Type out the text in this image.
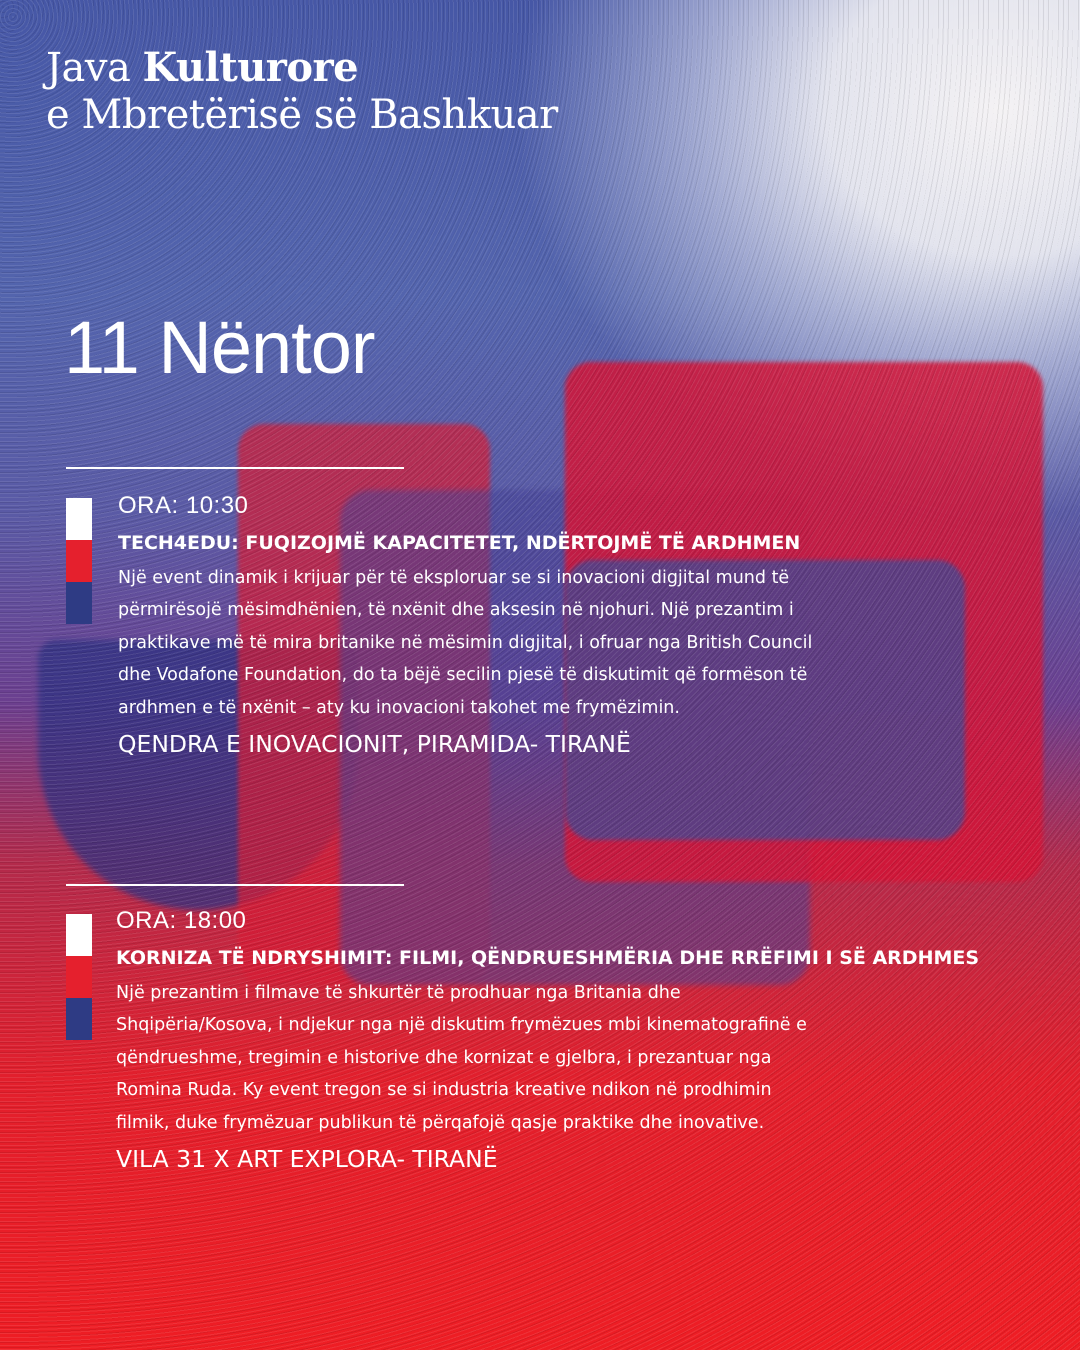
Java Kulturore
e Mbretërisë së Bashkuar
11 Nëntor

ORA: 10:30

TECH4EDU: FUQIZOJMË KAPACITETET, NDËRTOJMË TË ARDHMEN

Një event dinamik i krijuar për të eksploruar se si inovacioni digjital mund të
përmirësojë mësimdhënien, të nxënit dhe aksesin në njohuri. Një prezantim i
praktikave më të mira britanike në mësimin digjital, i ofruar nga British Council
dhe Vodafone Foundation, do ta bëjë secilin pjesë të diskutimit që formëson të
ardhmen e të nxënit – aty ku inovacioni takohet me frymëzimin.

QENDRA E INOVACIONIT, PIRAMIDA- TIRANË

ORA: 18:00

KORNIZA TË NDRYSHIMIT: FILMI, QËNDRUESHMËRIA DHE RRËFIMI I SË ARDHMES

Një prezantim i filmave të shkurtër të prodhuar nga Britania dhe
Shqipëria/Kosova, i ndjekur nga një diskutim frymëzues mbi kinematografinë e
qëndrueshme, tregimin e historive dhe kornizat e gjelbra, i prezantuar nga
Romina Ruda. Ky event tregon se si industria kreative ndikon në prodhimin
filmik, duke frymëzuar publikun të përqafojë qasje praktike dhe inovative.

VILA 31 X ART EXPLORA- TIRANË
